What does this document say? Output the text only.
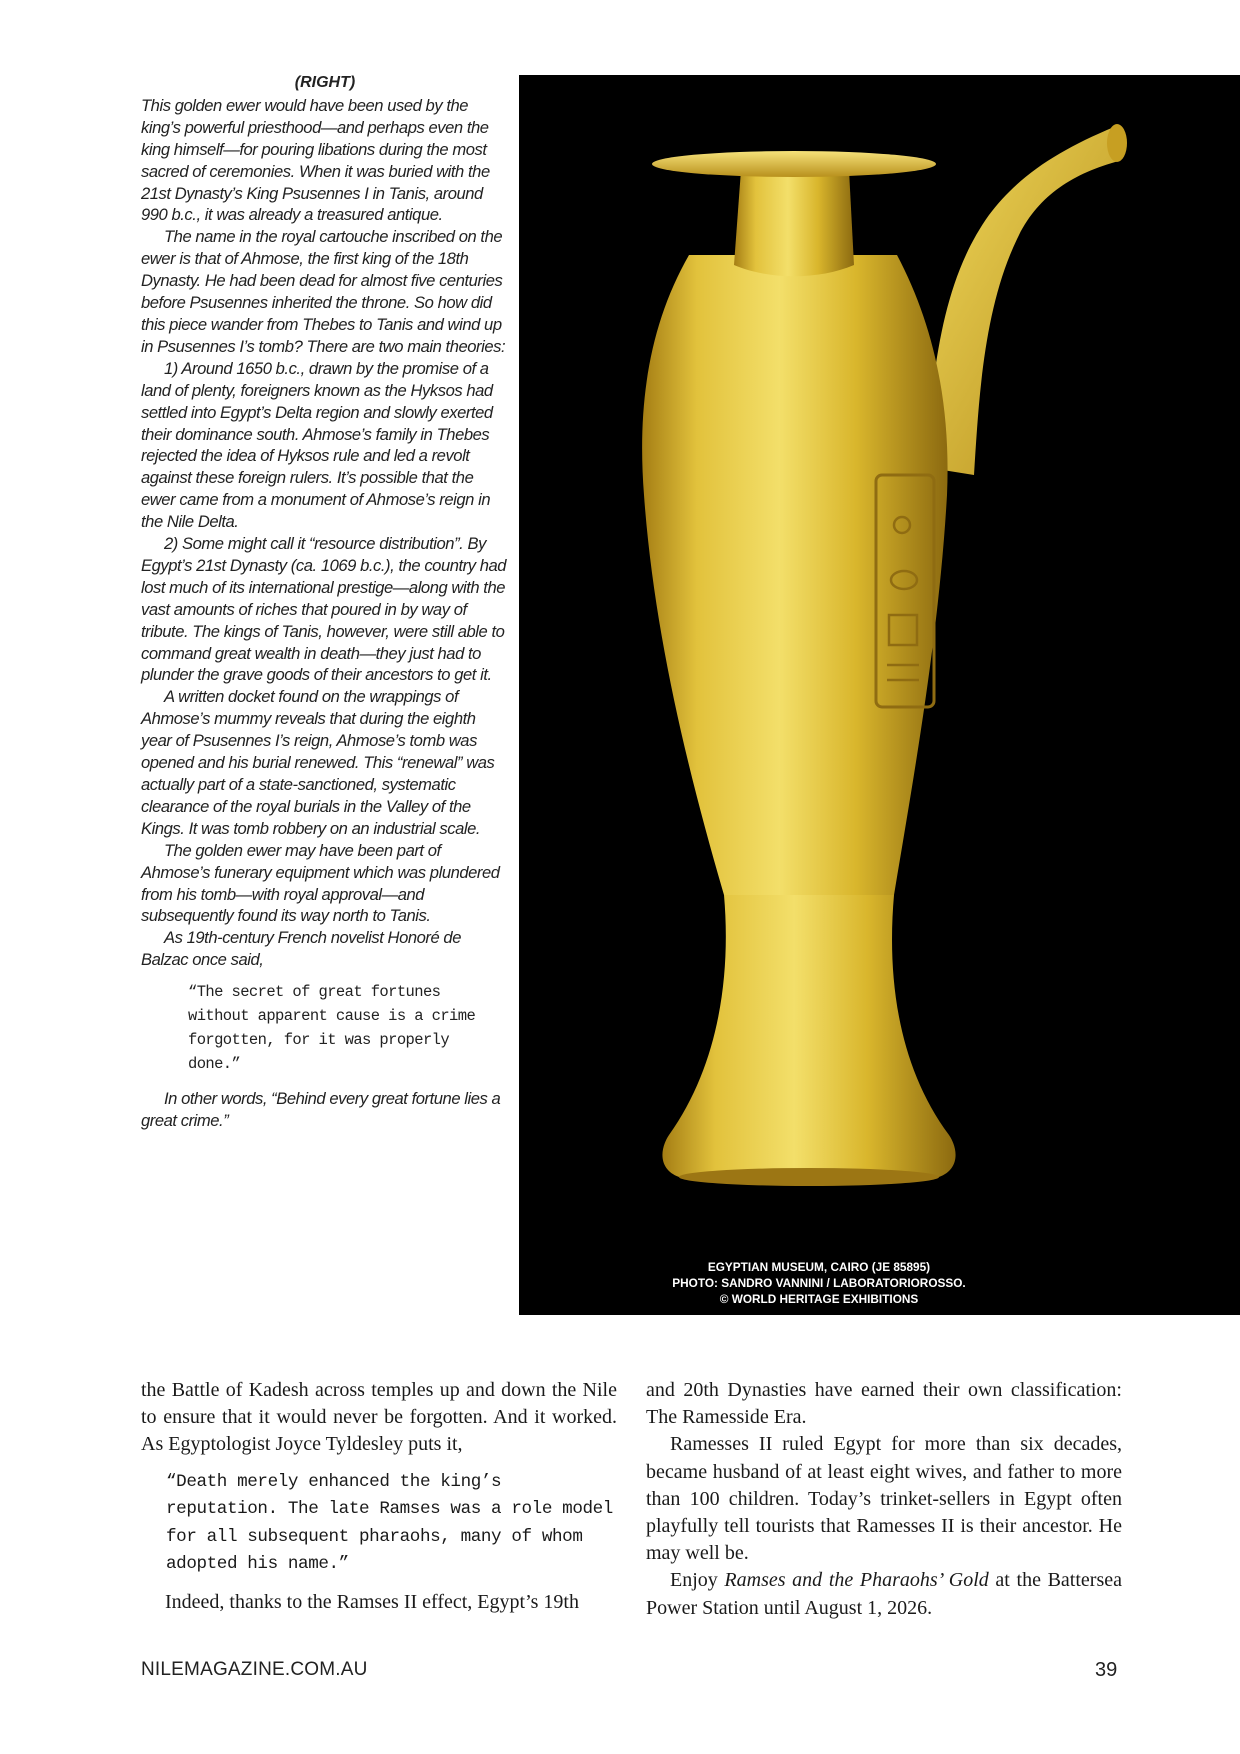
(RIGHT)

This golden ewer would have been used by the king’s powerful priesthood—and perhaps even the king himself—for pouring libations during the most sacred of ceremonies. When it was buried with the 21st Dynasty’s King Psusennes I in Tanis, around 990 b.c., it was already a treasured antique.

The name in the royal cartouche inscribed on the ewer is that of Ahmose, the first king of the 18th Dynasty. He had been dead for almost five centuries before Psusennes inherited the throne. So how did this piece wander from Thebes to Tanis and wind up in Psusennes I’s tomb? There are two main theories:

1) Around 1650 b.c., drawn by the promise of a land of plenty, foreigners known as the Hyksos had settled into Egypt’s Delta region and slowly exerted their dominance south. Ahmose’s family in Thebes rejected the idea of Hyksos rule and led a revolt against these foreign rulers. It’s possible that the ewer came from a monument of Ahmose’s reign in the Nile Delta.

2) Some might call it “resource distribution”. By Egypt’s 21st Dynasty (ca. 1069 b.c.), the country had lost much of its international prestige—along with the vast amounts of riches that poured in by way of tribute. The kings of Tanis, however, were still able to command great wealth in death—they just had to plunder the grave goods of their ancestors to get it.

A written docket found on the wrappings of Ahmose’s mummy reveals that during the eighth year of Psusennes I’s reign, Ahmose’s tomb was opened and his burial renewed. This “renewal” was actually part of a state-sanctioned, systematic clearance of the royal burials in the Valley of the Kings. It was tomb robbery on an industrial scale.

The golden ewer may have been part of Ahmose’s funerary equipment which was plundered from his tomb—with royal approval—and subsequently found its way north to Tanis.

As 19th-century French novelist Honoré de Balzac once said,

“The secret of great fortunes without apparent cause is a crime forgotten, for it was properly done.”

In other words, “Behind every great fortune lies a great crime.”

EGYPTIAN MUSEUM, CAIRO (JE 85895)
PHOTO: SANDRO VANNINI / LABORATORIOROSSO.
© WORLD HERITAGE EXHIBITIONS

the Battle of Kadesh across temples up and down the Nile to ensure that it would never be forgotten. And it worked. As Egyptologist Joyce Tyldesley puts it,

“Death merely enhanced the king’s reputation. The late Ramses was a role model for all subsequent pharaohs, many of whom adopted his name.”

Indeed, thanks to the Ramses II effect, Egypt’s 19th

and 20th Dynasties have earned their own classification: The Ramesside Era.

Ramesses II ruled Egypt for more than six decades, became husband of at least eight wives, and father to more than 100 children. Today’s trinket-sellers in Egypt often playfully tell tourists that Ramesses II is their ancestor. He may well be.

Enjoy Ramses and the Pharaohs’ Gold at the Battersea Power Station until August 1, 2026.

NILEMAGAZINE.COM.AU	39
